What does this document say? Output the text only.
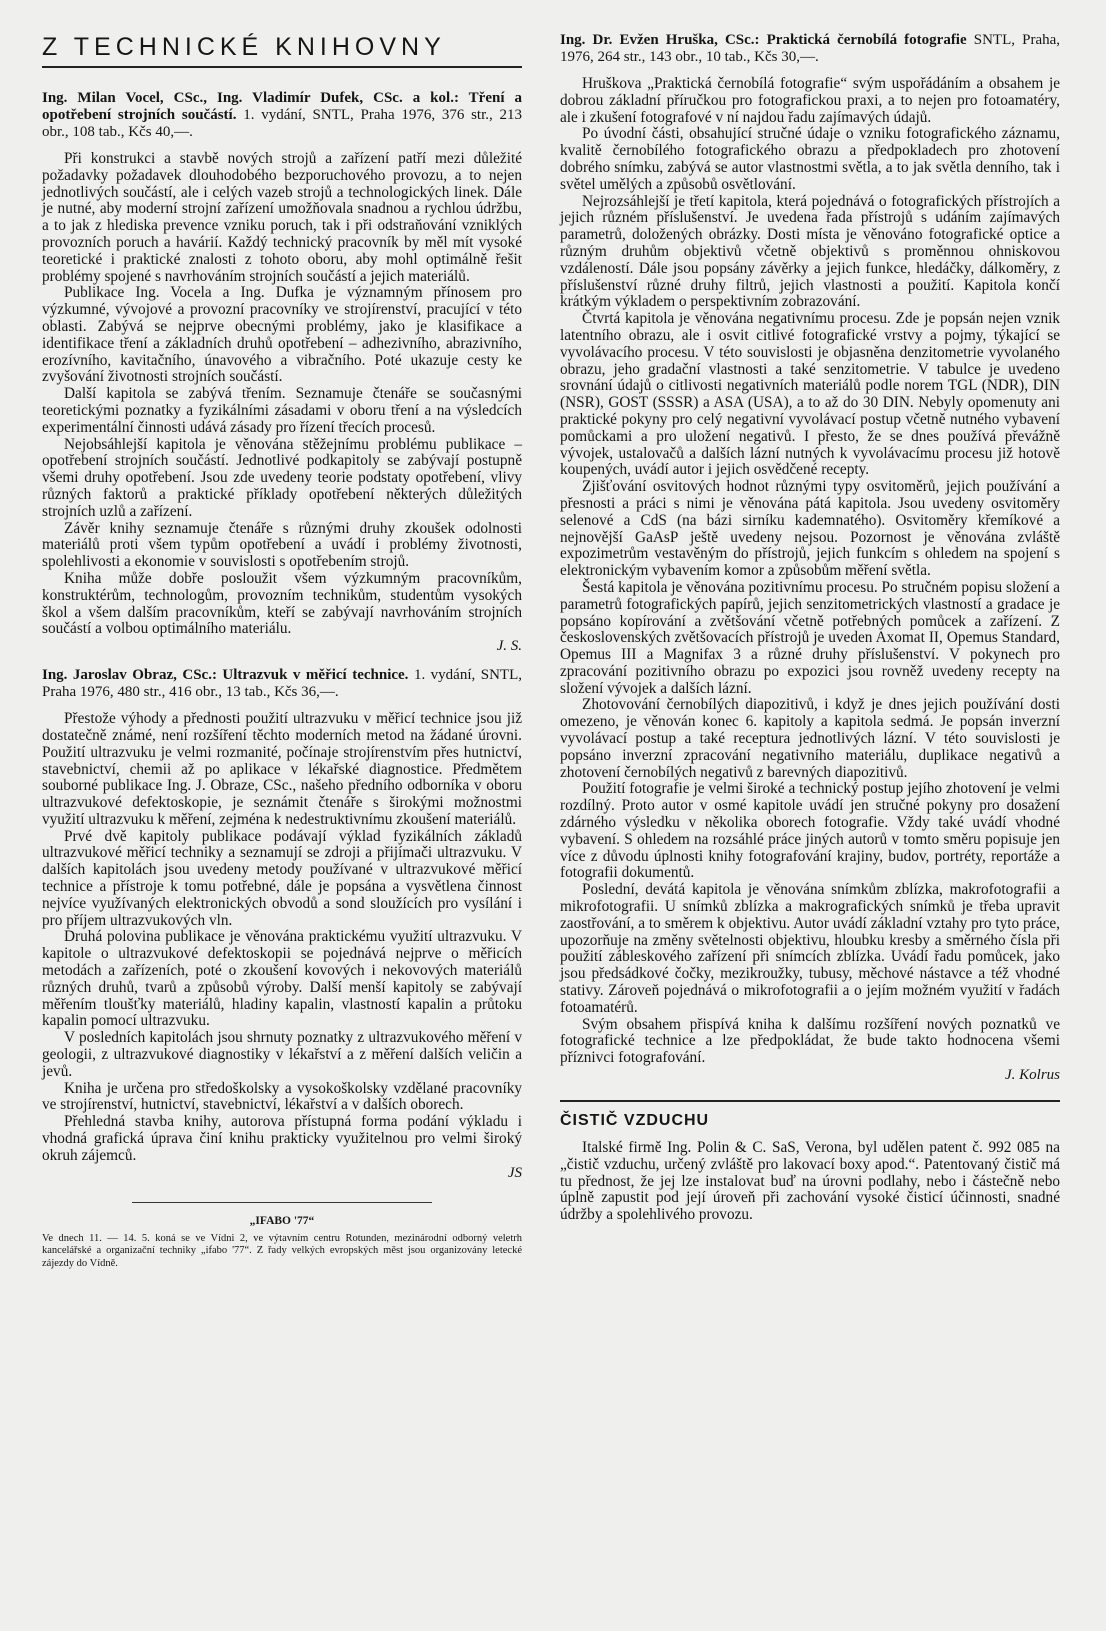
Z TECHNICKÉ KNIHOVNY

Ing. Milan Vocel, CSc., Ing. Vladimír Dufek, CSc. a kol.: Tření a opotřebení strojních součástí. 1. vydání, SNTL, Praha 1976, 376 str., 213 obr., 108 tab., Kčs 40,—.

Při konstrukci a stavbě nových strojů a zařízení patří mezi důležité požadavky požadavek dlouhodobého bezporuchového provozu, a to nejen jednotlivých součástí, ale i celých vazeb strojů a technologických linek. Dále je nutné, aby moderní strojní zařízení umožňovala snadnou a rychlou údržbu, a to jak z hlediska prevence vzniku poruch, tak i při odstraňování vzniklých provozních poruch a havárií. Každý technický pracovník by měl mít vysoké teoretické i praktické znalosti z tohoto oboru, aby mohl optimálně řešit problémy spojené s navrhováním strojních součástí a jejich materiálů.

Publikace Ing. Vocela a Ing. Dufka je významným přínosem pro výzkumné, vývojové a provozní pracovníky ve strojírenství, pracující v této oblasti. Zabývá se nejprve obecnými problémy, jako je klasifikace a identifikace tření a základních druhů opotřebení – adhezivního, abrazivního, erozívního, kavitačního, únavového a vibračního. Poté ukazuje cesty ke zvyšování životnosti strojních součástí.

Další kapitola se zabývá třením. Seznamuje čtenáře se současnými teoretickými poznatky a fyzikálními zásadami v oboru tření a na výsledcích experimentální činnosti udává zásady pro řízení třecích procesů.

Nejobsáhlejší kapitola je věnována stěžejnímu problému publikace – opotřebení strojních součástí. Jednotlivé podkapitoly se zabývají postupně všemi druhy opotřebení. Jsou zde uvedeny teorie podstaty opotřebení, vlivy různých faktorů a praktické příklady opotřebení některých důležitých strojních uzlů a zařízení.

Závěr knihy seznamuje čtenáře s různými druhy zkoušek odolnosti materiálů proti všem typům opotřebení a uvádí i problémy životnosti, spolehlivosti a ekonomie v souvislosti s opotřebením strojů.

Kniha může dobře posloužit všem výzkumným pracovníkům, konstruktérům, technologům, provozním technikům, studentům vysokých škol a všem dalším pracovníkům, kteří se zabývají navrhováním strojních součástí a volbou optimálního materiálu.

J. S.

Ing. Jaroslav Obraz, CSc.: Ultrazvuk v měřicí technice. 1. vydání, SNTL, Praha 1976, 480 str., 416 obr., 13 tab., Kčs 36,—.

Přestože výhody a přednosti použití ultrazvuku v měřicí technice jsou již dostatečně známé, není rozšíření těchto moderních metod na žádané úrovni. Použití ultrazvuku je velmi rozmanité, počínaje strojírenstvím přes hutnictví, stavebnictví, chemii až po aplikace v lékařské diagnostice. Předmětem souborné publikace Ing. J. Obraze, CSc., našeho předního odborníka v oboru ultrazvukové defektoskopie, je seznámit čtenáře s širokými možnostmi využití ultrazvuku k měření, zejména k nedestruktivnímu zkoušení materiálů.

Prvé dvě kapitoly publikace podávají výklad fyzikálních základů ultrazvukové měřicí techniky a seznamují se zdroji a přijímači ultrazvuku. V dalších kapitolách jsou uvedeny metody používané v ultrazvukové měřicí technice a přístroje k tomu potřebné, dále je popsána a vysvětlena činnost nejvíce využívaných elektronických obvodů a sond sloužících pro vysílání i pro příjem ultrazvukových vln.

Druhá polovina publikace je věnována praktickému využití ultrazvuku. V kapitole o ultrazvukové defektoskopii se pojednává nejprve o měřicích metodách a zařízeních, poté o zkoušení kovových i nekovových materiálů různých druhů, tvarů a způsobů výroby. Další menší kapitoly se zabývají měřením tloušťky materiálů, hladiny kapalin, vlastností kapalin a průtoku kapalin pomocí ultrazvuku.

V posledních kapitolách jsou shrnuty poznatky z ultrazvukového měření v geologii, z ultrazvukové diagnostiky v lékařství a z měření dalších veličin a jevů.

Kniha je určena pro středoškolsky a vysokoškolsky vzdělané pracovníky ve strojírenství, hutnictví, stavebnictví, lékařství a v dalších oborech.

Přehledná stavba knihy, autorova přístupná forma podání výkladu i vhodná grafická úprava činí knihu prakticky využitelnou pro velmi široký okruh zájemců.

JS

„IFABO '77“

Ve dnech 11. — 14. 5. koná se ve Vídni 2, ve výtavním centru Rotunden, mezinárodní odborný veletrh kancelářské a organizační techniky „ifabo '77“. Z řady velkých evropských měst jsou organizovány letecké zájezdy do Vídně.

Ing. Dr. Evžen Hruška, CSc.: Praktická černobílá fotografie SNTL, Praha, 1976, 264 str., 143 obr., 10 tab., Kčs 30,—.

Hruškova „Praktická černobílá fotografie“ svým uspořádáním a obsahem je dobrou základní příručkou pro fotografickou praxi, a to nejen pro fotoamatéry, ale i zkušení fotografové v ní najdou řadu zajímavých údajů.

Po úvodní části, obsahující stručné údaje o vzniku fotografického záznamu, kvalitě černobílého fotografického obrazu a předpokladech pro zhotovení dobrého snímku, zabývá se autor vlastnostmi světla, a to jak světla denního, tak i světel umělých a způsobů osvětlování.

Nejrozsáhlejší je třetí kapitola, která pojednává o fotografických přístrojích a jejich různém příslušenství. Je uvedena řada přístrojů s udáním zajímavých parametrů, doložených obrázky. Dosti místa je věnováno fotografické optice a různým druhům objektivů včetně objektivů s proměnnou ohniskovou vzdáleností. Dále jsou popsány závěrky a jejich funkce, hledáčky, dálkoměry, z příslušenství různé druhy filtrů, jejich vlastnosti a použití. Kapitola končí krátkým výkladem o perspektivním zobrazování.

Čtvrtá kapitola je věnována negativnímu procesu. Zde je popsán nejen vznik latentního obrazu, ale i osvit citlivé fotografické vrstvy a pojmy, týkající se vyvolávacího procesu. V této souvislosti je objasněna denzitometrie vyvolaného obrazu, jeho gradační vlastnosti a také senzitometrie. V tabulce je uvedeno srovnání údajů o citlivosti negativních materiálů podle norem TGL (NDR), DIN (NSR), GOST (SSSR) a ASA (USA), a to až do 30 DIN. Nebyly opomenuty ani praktické pokyny pro celý negativní vyvolávací postup včetně nutného vybavení pomůckami a pro uložení negativů. I přesto, že se dnes používá převážně vývojek, ustalovačů a dalších lázní nutných k vyvolávacímu procesu již hotově koupených, uvádí autor i jejich osvědčené recepty.

Zjišťování osvitových hodnot různými typy osvitoměrů, jejich používání a přesnosti a práci s nimi je věnována pátá kapitola. Jsou uvedeny osvitoměry selenové a CdS (na bázi sirníku kademnatého). Osvitoměry křemíkové a nejnovější GaAsP ještě uvedeny nejsou. Pozornost je věnována zvláště expozimetrům vestavěným do přístrojů, jejich funkcím s ohledem na spojení s elektronickým vybavením komor a způsobům měření světla.

Šestá kapitola je věnována pozitivnímu procesu. Po stručném popisu složení a parametrů fotografických papírů, jejich senzitometrických vlastností a gradace je popsáno kopírování a zvětšování včetně potřebných pomůcek a zařízení. Z československých zvětšovacích přístrojů je uveden Axomat II, Opemus Standard, Opemus III a Magnifax 3 a různé druhy příslušenství. V pokynech pro zpracování pozitivního obrazu po expozici jsou rovněž uvedeny recepty na složení vývojek a dalších lázní.

Zhotovování černobílých diapozitivů, i když je dnes jejich používání dosti omezeno, je věnován konec 6. kapitoly a kapitola sedmá. Je popsán inverzní vyvolávací postup a také receptura jednotlivých lázní. V této souvislosti je popsáno inverzní zpracování negativního materiálu, duplikace negativů a zhotovení černobílých negativů z barevných diapozitivů.

Použití fotografie je velmi široké a technický postup jejího zhotovení je velmi rozdílný. Proto autor v osmé kapitole uvádí jen stručné pokyny pro dosažení zdárného výsledku v několika oborech fotografie. Vždy také uvádí vhodné vybavení. S ohledem na rozsáhlé práce jiných autorů v tomto směru popisuje jen více z důvodu úplnosti knihy fotografování krajiny, budov, portréty, reportáže a fotografii dokumentů.

Poslední, devátá kapitola je věnována snímkům zblízka, makrofotografii a mikrofotografii. U snímků zblízka a makrografických snímků je třeba upravit zaostřování, a to směrem k objektivu. Autor uvádí základní vztahy pro tyto práce, upozorňuje na změny světelnosti objektivu, hloubku kresby a směrného čísla při použití zábleskového zařízení při snímcích zblízka. Uvádí řadu pomůcek, jako jsou předsádkové čočky, mezikroužky, tubusy, měchové nástavce a též vhodné stativy. Zároveň pojednává o mikrofotografii a o jejím možném využití v řadách fotoamatérů.

Svým obsahem přispívá kniha k dalšímu rozšíření nových poznatků ve fotografické technice a lze předpokládat, že bude takto hodnocena všemi příznivci fotografování.

J. Kolrus

ČISTIČ VZDUCHU

Italské firmě Ing. Polin & C. SaS, Verona, byl udělen patent č. 992 085 na „čistič vzduchu, určený zvláště pro lakovací boxy apod.“. Patentovaný čistič má tu přednost, že jej lze instalovat buď na úrovni podlahy, nebo i částečně nebo úplně zapustit pod její úroveň při zachování vysoké čisticí účinnosti, snadné údržby a spolehlivého provozu.
